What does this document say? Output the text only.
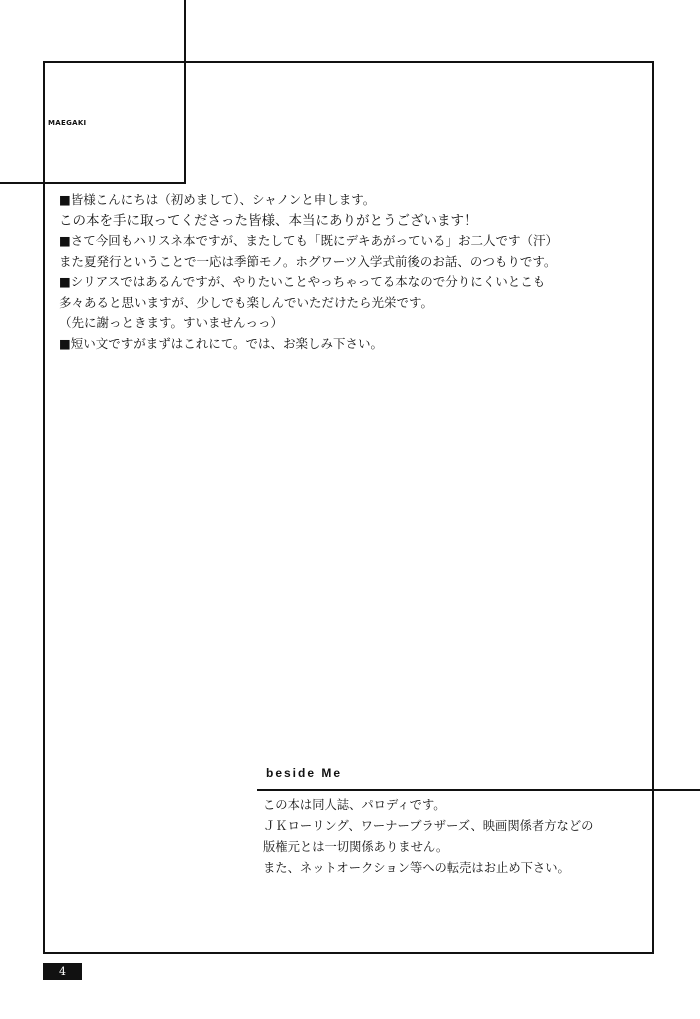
MAEGAKI
■皆様こんにちは（初めまして）、シャノンと申します。
この本を手に取ってくださった皆様、本当にありがとうございます！
■さて今回もハリスネ本ですが、またしても「既にデキあがっている」お二人です（汗）
また夏発行ということで一応は季節モノ。ホグワーツ入学式前後のお話、のつもりです。
■シリアスではあるんですが、やりたいことやっちゃってる本なので分りにくいとこも
多々あると思いますが、少しでも楽しんでいただけたら光栄です。
（先に謝っときます。すいませんっっ）
■短い文ですがまずはこれにて。では、お楽しみ下さい。
beside Me
この本は同人誌、パロディです。
ＪＫローリング、ワーナーブラザーズ、映画関係者方などの
版権元とは一切関係ありません。
また、ネットオークション等への転売はお止め下さい。
4
